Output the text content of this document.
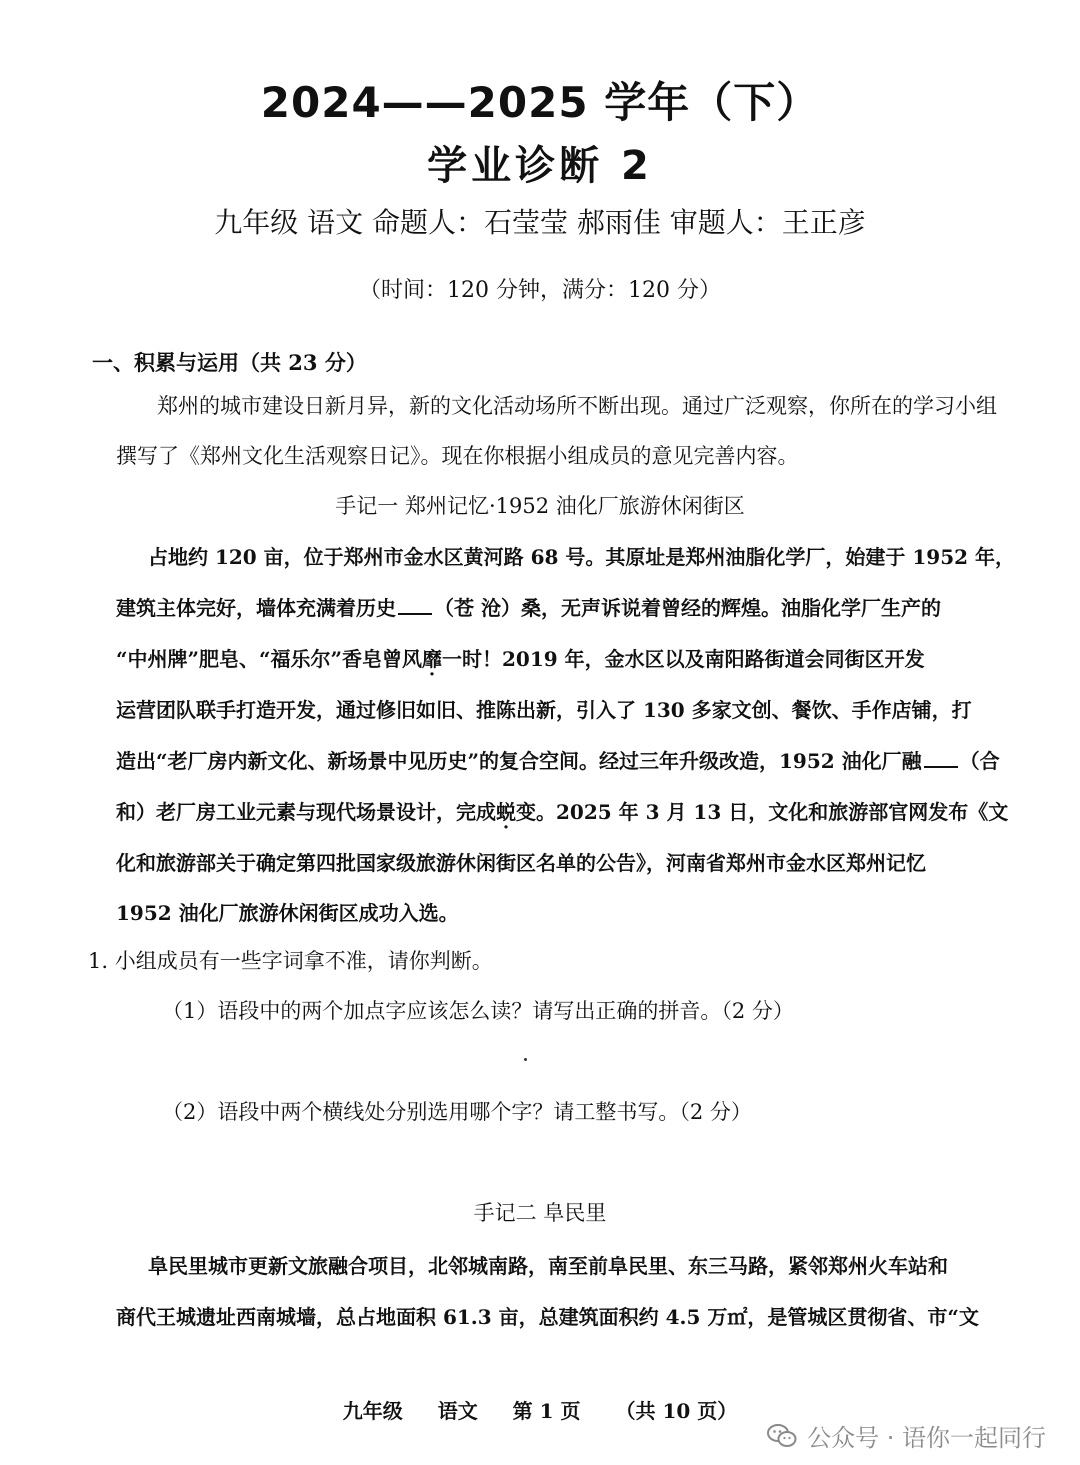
2024——2025 学年（下）
学业诊断 2
九年级 语文 命题人：石莹莹 郝雨佳 审题人：王正彦
（时间：120 分钟，满分：120 分）
一、积累与运用（共 23 分）
郑州的城市建设日新月异，新的文化活动场所不断出现。通过广泛观察，你所在的学习小组
撰写了《郑州文化生活观察日记》。现在你根据小组成员的意见完善内容。
手记一 郑州记忆·1952 油化厂旅游休闲街区
占地约 120 亩，位于郑州市金水区黄河路 68 号。其原址是郑州油脂化学厂，始建于 1952 年，
建筑主体完好，墙体充满着历史 （苍 沧）桑，无声诉说着曾经的辉煌。油脂化学厂生产的
“中州牌”肥皂、“福乐尔”香皂曾风靡一时！2019 年，金水区以及南阳路街道会同街区开发
运营团队联手打造开发，通过修旧如旧、推陈出新，引入了 130 多家文创、餐饮、手作店铺，打
造出“老厂房内新文化、新场景中见历史”的复合空间。经过三年升级改造，1952 油化厂融 （合
和）老厂房工业元素与现代场景设计，完成蜕变。2025 年 3 月 13 日，文化和旅游部官网发布《文
化和旅游部关于确定第四批国家级旅游休闲街区名单的公告》，河南省郑州市金水区郑州记忆
1952 油化厂旅游休闲街区成功入选。
1. 小组成员有一些字词拿不准，请你判断。
（1）语段中的两个加点字应该怎么读？请写出正确的拼音。（2 分）
（2）语段中两个横线处分别选用哪个字？请工整书写。（2 分）
手记二 阜民里
阜民里城市更新文旅融合项目，北邻城南路，南至前阜民里、东三马路，紧邻郑州火车站和
商代王城遗址西南城墙，总占地面积 61.3 亩，总建筑面积约 4.5 万㎡，是管城区贯彻省、市“文
九年级 语文 第 1 页 （共 10 页）
公众号 · 语你一起同行
